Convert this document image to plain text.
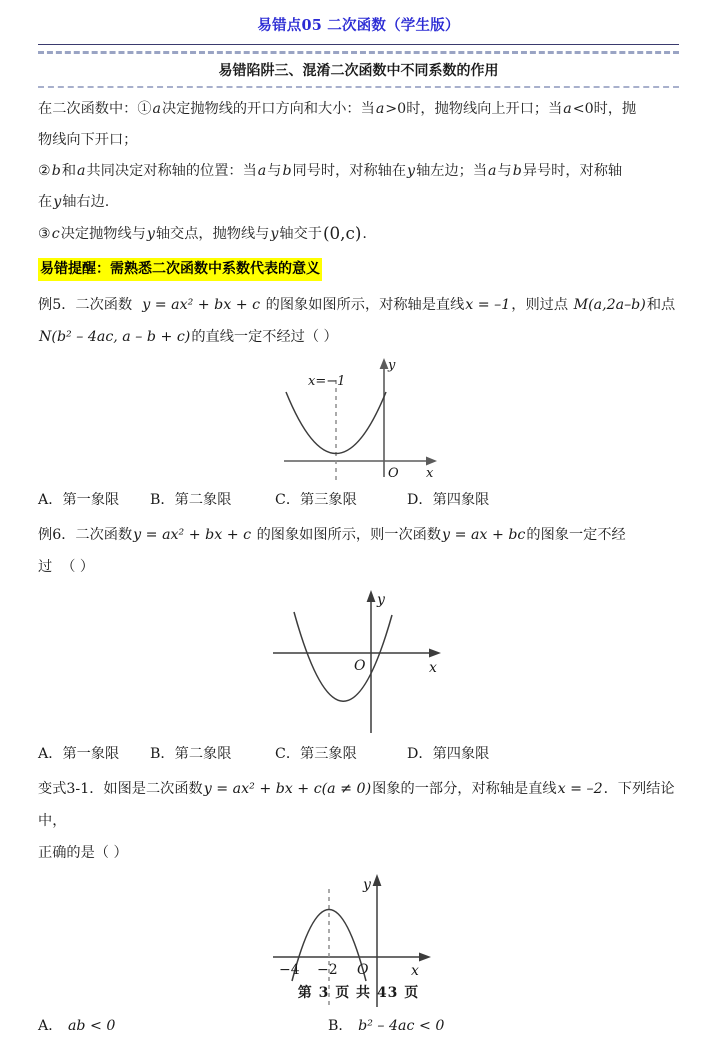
易错点05 二次函数（学生版）
易错陷阱三、混淆二次函数中不同系数的作用
在二次函数中：①a决定抛物线的开口方向和大小：当a>0时，抛物线向上开口；当a<0时，抛
物线向下开口；
②b和a共同决定对称轴的位置：当a与b同号时，对称轴在y轴左边；当a与b异号时，对称轴
在y轴右边.
③c决定抛物线与y轴交点，抛物线与y轴交于(0,c).
易错提醒：需熟悉二次函数中系数代表的意义
例5．二次函数 y = ax² + bx + c 的图象如图所示，对称轴是直线x = –1，则过点 M(a,2a–b)和点
N(b² – 4ac, a – b + c)的直线一定不经过（ ）
y
x
O
x=−1
A．第一象限 B．第二象限	C．第三象限	D．第四象限
例6．二次函数y = ax² + bx + c 的图象如图所示，则一次函数y = ax + bc的图象一定不经过 （ ）
y
x
O
A．第一象限 B．第二象限	C．第三象限	D．第四象限
变式3-1．如图是二次函数y = ax² + bx + c(a ≠ 0)图象的一部分，对称轴是直线x = –2．下列结论中，
正确的是（ ）
−4 −2 O	x
y
A． ab < 0	B． b² – 4ac < 0
第 3 页 共 43 页
